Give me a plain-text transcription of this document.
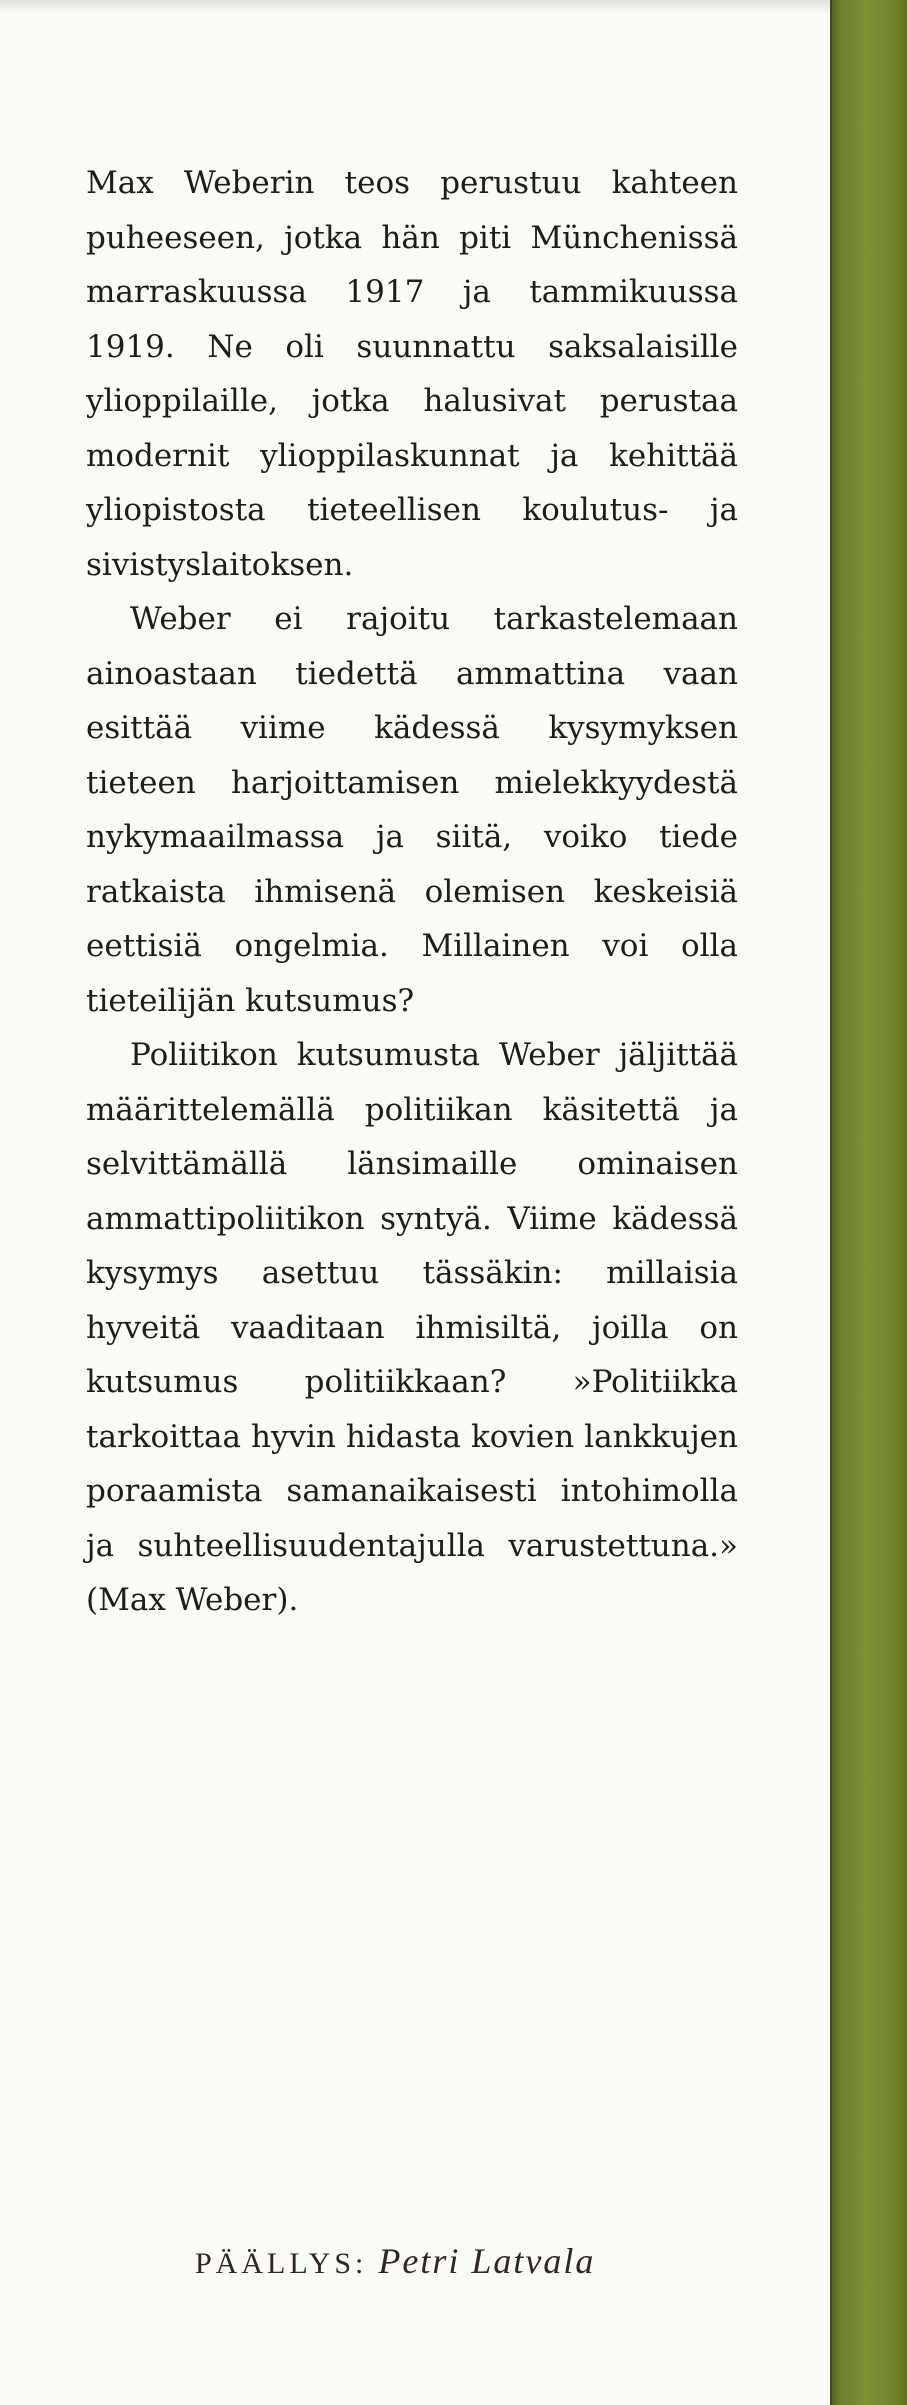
Max Weberin teos perustuu kahteen puheeseen, jotka hän piti Münchenissä marraskuussa 1917 ja tammikuussa 1919. Ne oli suunnattu saksalaisille ylioppilaille, jotka halusivat perustaa modernit ylioppilaskunnat ja kehittää yliopistosta tieteellisen koulutus- ja sivistyslaitoksen.

Weber ei rajoitu tarkastelemaan ainoastaan tiedettä ammattina vaan esittää viime kädessä kysymyksen tieteen harjoittamisen mielekkyydestä nykymaailmassa ja siitä, voiko tiede ratkaista ihmisenä olemisen keskeisiä eettisiä ongelmia. Millainen voi olla tieteilijän kutsumus?

Poliitikon kutsumusta Weber jäljittää määrittelemällä politiikan käsitettä ja selvittämällä länsimaille ominaisen ammattipoliitikon syntyä. Viime kädessä kysymys asettuu tässäkin: millaisia hyveitä vaaditaan ihmisiltä, joilla on kutsumus politiikkaan? »Politiikka tarkoittaa hyvin hidasta kovien lankkujen poraamista samanaikaisesti intohimolla ja suhteellisuudentajulla varustettuna.» (Max Weber).

PÄÄLLYS: Petri Latvala
